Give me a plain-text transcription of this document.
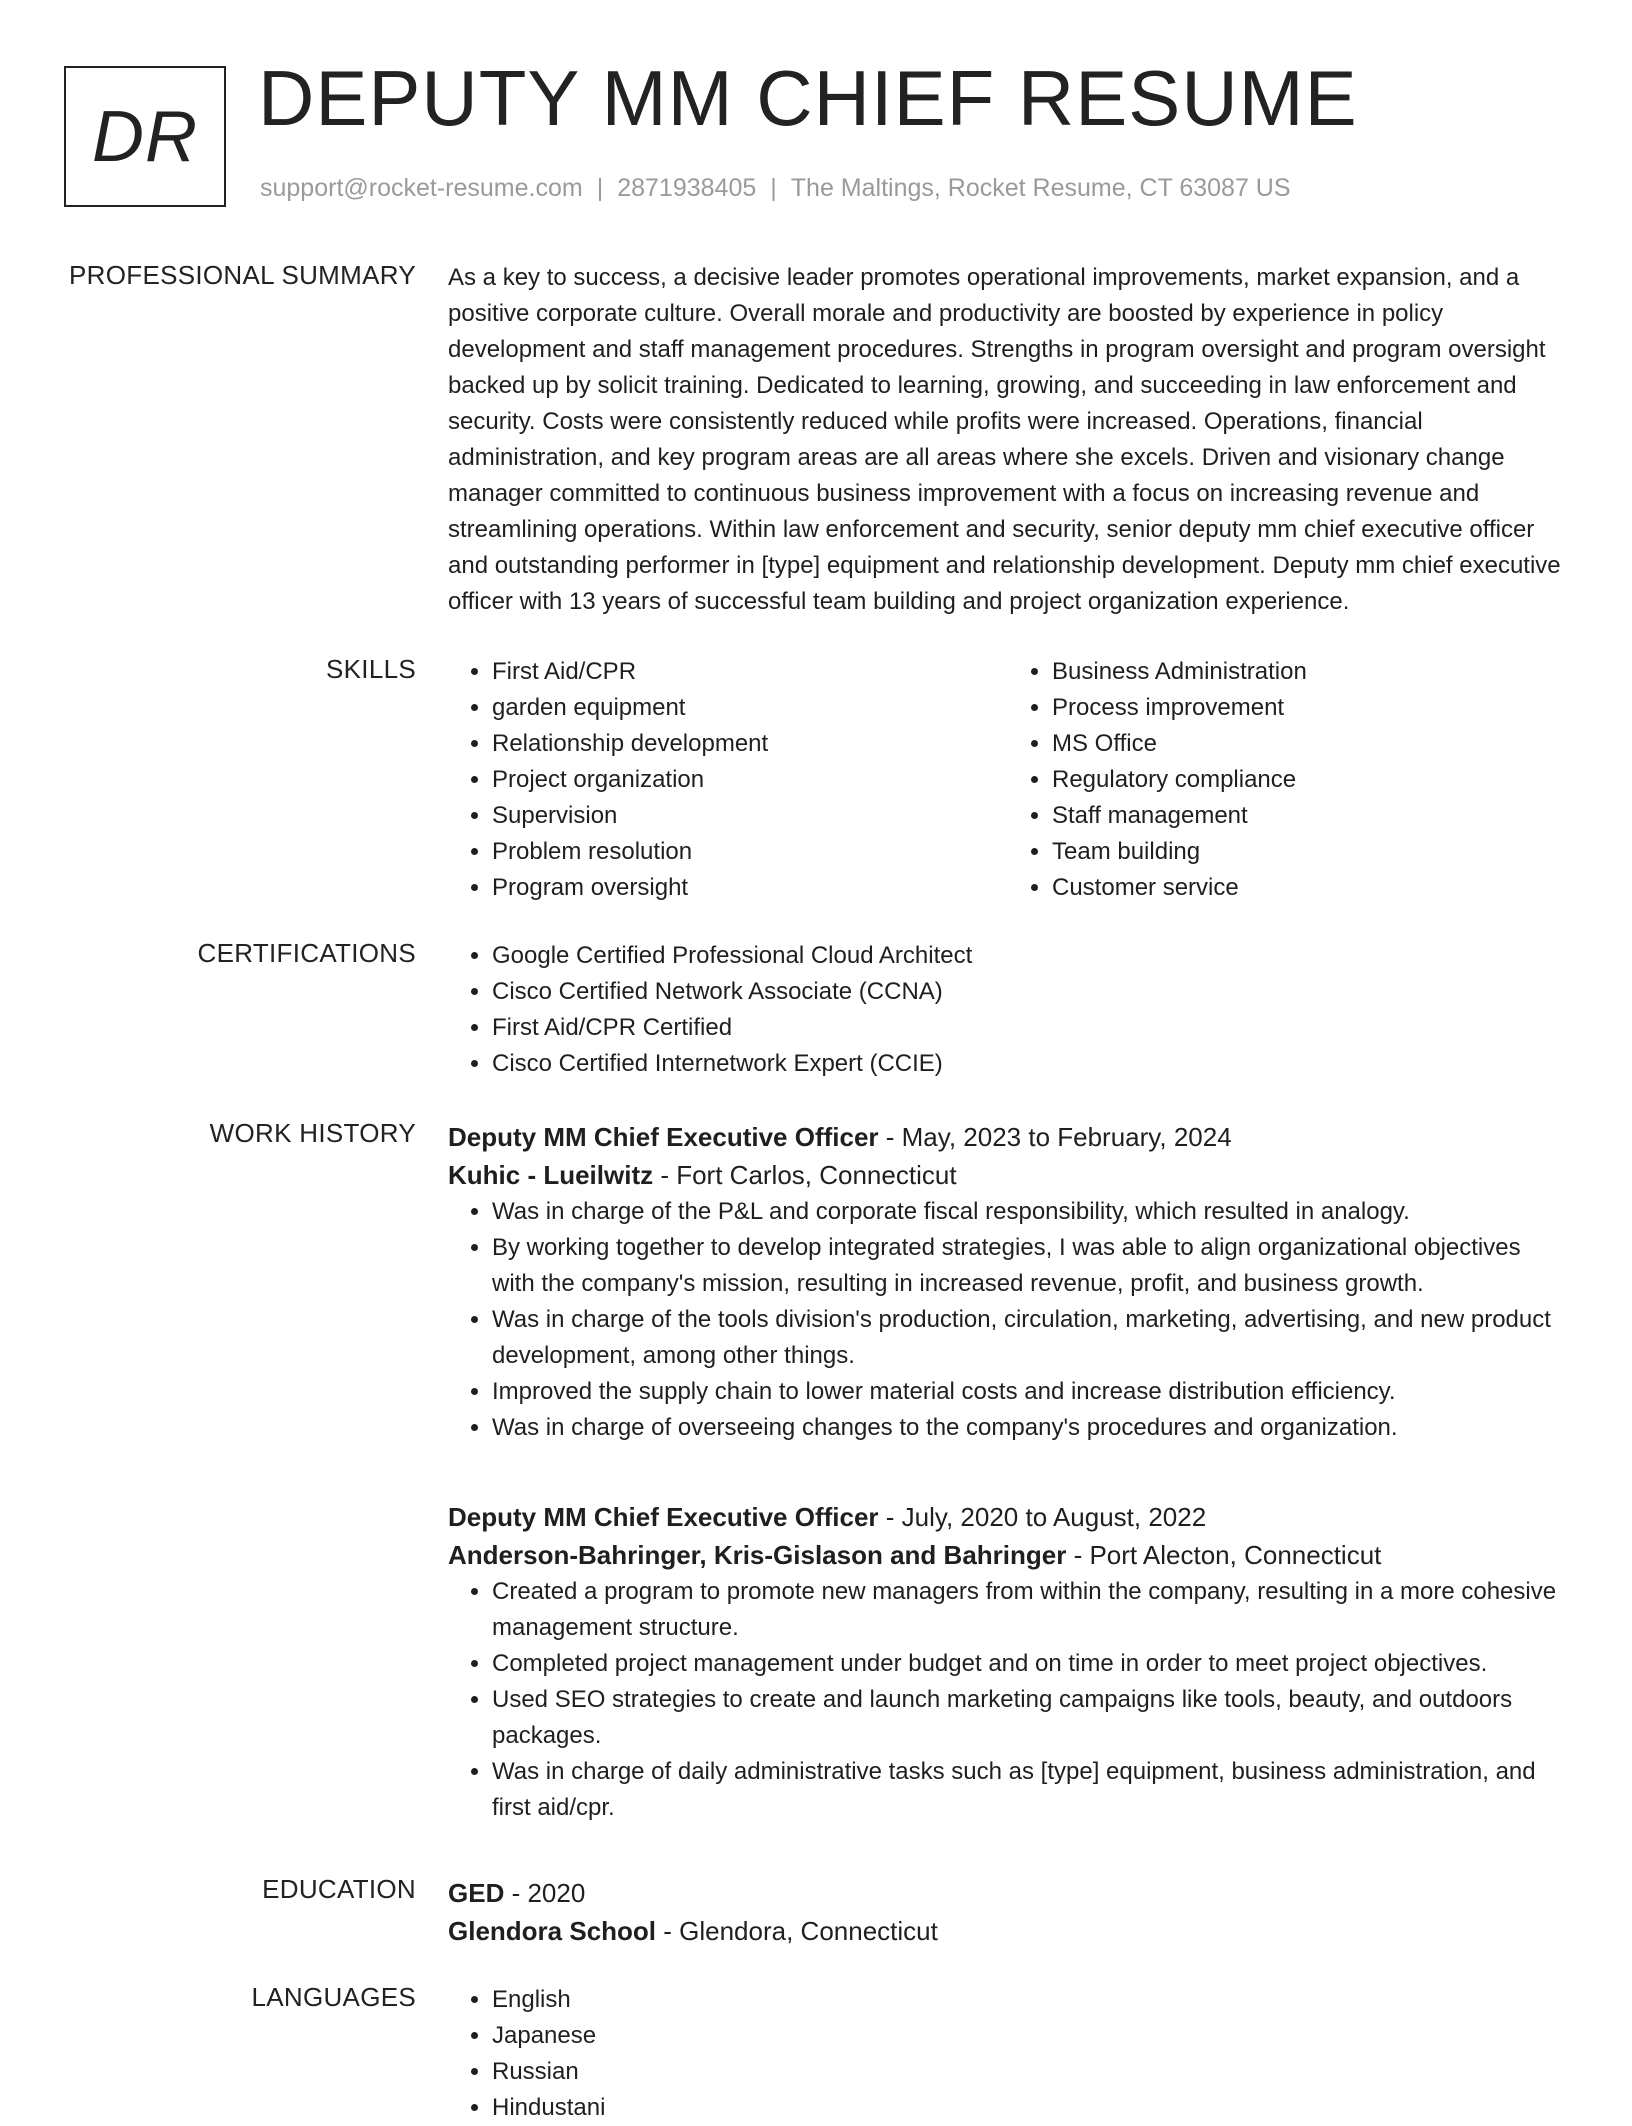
DR DEPUTY MM CHIEF RESUME
support@rocket-resume.com | 2871938405 | The Maltings, Rocket Resume, CT 63087 US
PROFESSIONAL SUMMARY As a key to success, a decisive leader promotes operational improvements, market expansion, and a positive corporate culture. Overall morale and productivity are boosted by experience in policy development and staff management procedures. Strengths in program oversight and program oversight backed up by solicit training. Dedicated to learning, growing, and succeeding in law enforcement and security. Costs were consistently reduced while profits were increased. Operations, financial administration, and key program areas are all areas where she excels. Driven and visionary change manager committed to continuous business improvement with a focus on increasing revenue and streamlining operations. Within law enforcement and security, senior deputy mm chief executive officer and outstanding performer in [type] equipment and relationship development. Deputy mm chief executive officer with 13 years of successful team building and project organization experience.

SKILLS	• First Aid/CPR
• garden equipment
• Relationship development
• Project organization
• Supervision
• Problem resolution
• Program oversight
• Business Administration
• Process improvement
• MS Office
• Regulatory compliance
• Staff management
• Team building
• Customer service
CERTIFICATIONS	• Google Certified Professional Cloud Architect
• Cisco Certified Network Associate (CCNA)
• First Aid/CPR Certified
• Cisco Certified Internetwork Expert (CCIE)
WORK HISTORY Deputy MM Chief Executive Officer - May, 2023 to February, 2024
Kuhic - Lueilwitz - Fort Carlos, Connecticut
• Was in charge of the P&L and corporate fiscal responsibility, which resulted in analogy.
• By working together to develop integrated strategies, I was able to align organizational objectives with the company's mission, resulting in increased revenue, profit, and business growth.
• Was in charge of the tools division's production, circulation, marketing, advertising, and new product development, among other things.
• Improved the supply chain to lower material costs and increase distribution efficiency.
• Was in charge of overseeing changes to the company's procedures and organization.
Deputy MM Chief Executive Officer - July, 2020 to August, 2022
Anderson-Bahringer, Kris-Gislason and Bahringer - Port Alecton, Connecticut
• Created a program to promote new managers from within the company, resulting in a more cohesive management structure.
• Completed project management under budget and on time in order to meet project objectives.
• Used SEO strategies to create and launch marketing campaigns like tools, beauty, and outdoors packages.
• Was in charge of daily administrative tasks such as [type] equipment, business administration, and first aid/cpr.
EDUCATION GED - 2020
Glendora School - Glendora, Connecticut
LANGUAGES	• English
• Japanese
• Russian
• Hindustani
